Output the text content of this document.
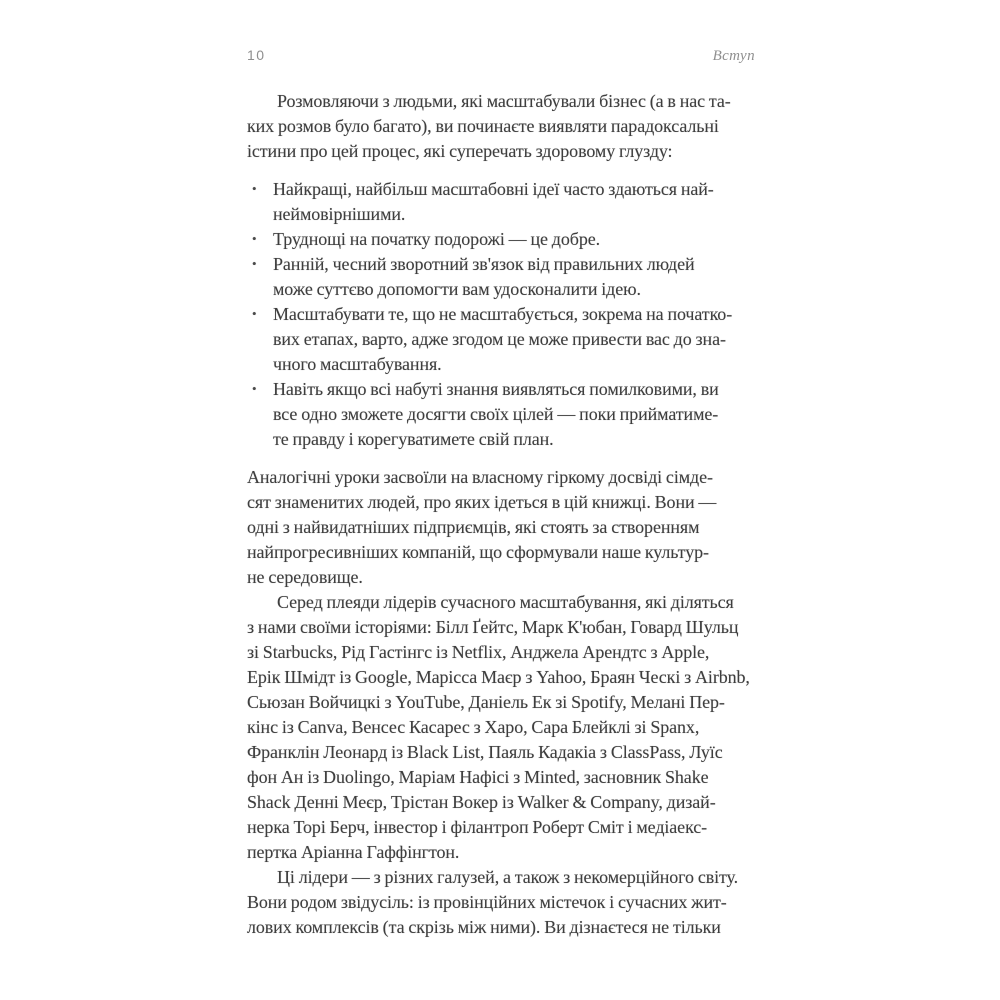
10	Вступ
Розмовляючи з людьми, які масштабували бізнес (а в нас та-
ких розмов було багато), ви починаєте виявляти парадоксальні
істини про цей процес, які суперечать здоровому глузду:
• Найкращі, найбільш масштабовні ідеї часто здаються най-
неймовірнішими.
• Труднощі на початку подорожі — це добре.
• Ранній, чесний зворотний зв'язок від правильних людей
може суттєво допомогти вам удосконалити ідею.
• Масштабувати те, що не масштабується, зокрема на початко-
вих етапах, варто, адже згодом це може привести вас до зна-
чного масштабування.
• Навіть якщо всі набуті знання виявляться помилковими, ви
все одно зможете досягти своїх цілей — поки прийматиме-
те правду і корегуватимете свій план.
Аналогічні уроки засвоїли на власному гіркому досвіді сімде-
сят знаменитих людей, про яких ідеться в цій книжці. Вони —
одні з найвидатніших підприємців, які стоять за створенням
найпрогресивніших компаній, що сформували наше культур-
не середовище.
Серед плеяди лідерів сучасного масштабування, які діляться
з нами своїми історіями: Білл Ґейтс, Марк К'юбан, Говард Шульц
зі Starbucks, Рід Гастінгс із Netflix, Анджела Арендтс з Apple,
Ерік Шмідт із Google, Марісса Маєр з Yahoo, Браян Ческі з Airbnb,
Сьюзан Войчицкі з YouTube, Даніель Ек зі Spotify, Мелані Пер-
кінс із Canva, Венсес Касарес з Харо, Сара Блейклі зі Spanx,
Франклін Леонард із Black List, Паяль Кадакіа з ClassPass, Луїс
фон Ан із Duolingo, Маріам Нафісі з Minted, засновник Shake
Shack Денні Меєр, Трістан Вокер із Walker & Company, дизай-
нерка Торі Берч, інвестор і філантроп Роберт Сміт і медіаекс-
пертка Аріанна Гаффінгтон.
Ці лідери — з різних галузей, а також з некомерційного світу.
Вони родом звідусіль: із провінційних містечок і сучасних жит-
лових комплексів (та скрізь між ними). Ви дізнаєтеся не тільки
